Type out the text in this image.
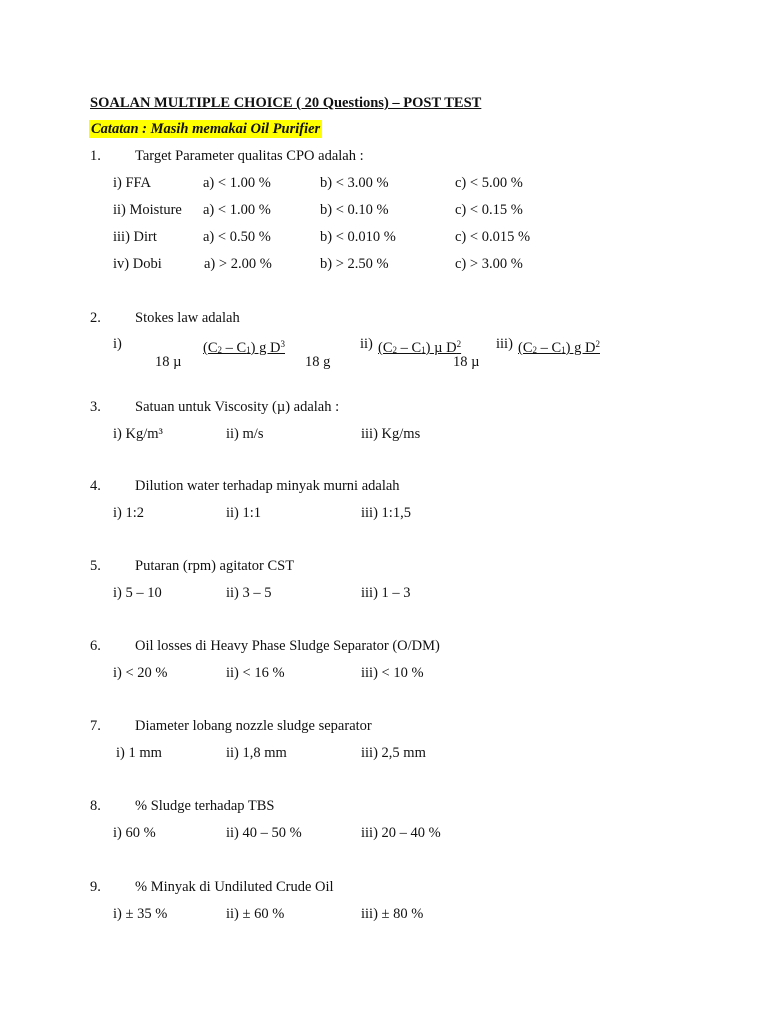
SOALAN MULTIPLE CHOICE ( 20 Questions) – POST TEST
Catatan : Masih memakai Oil Purifier
1. Target Parameter qualitas CPO adalah :
i) FFA	a) < 1.00 %	b) < 3.00 %	c) < 5.00 %
ii) Moisture a) < 1.00 %	b) < 0.10 %	c) < 0.15 %
iii) Dirt	a) < 0.50 %	b) < 0.010 %	c) < 0.015 %
iv) Dobi	a) > 2.00 %	b) > 2.50 %	c) > 3.00 %
2. Stokes law adalah
i)	$(C_2 - C_1)$ g $D^3$	ii) $(C_2 - C_1)$ µ $D^2$	iii) $(C_2 - C_1)$ g $D^2$
18 µ	18 g	18 µ
3. Satuan untuk Viscosity (µ) adalah :
i) Kg/m³	ii) m/s	iii) Kg/ms
4. Dilution water terhadap minyak murni adalah
i) 1:2	ii) 1:1	iii) 1:1,5
5. Putaran (rpm) agitator CST
i) 5 – 10	ii) 3 – 5	iii) 1 – 3
6. Oil losses di Heavy Phase Sludge Separator (O/DM)
i) < 20 %	ii) < 16 %	iii) < 10 %
7. Diameter lobang nozzle sludge separator
i) 1 mm	ii) 1,8 mm	iii) 2,5 mm
8. % Sludge terhadap TBS
i) 60 %	ii) 40 – 50 %	iii) 20 – 40 %
9. % Minyak di Undiluted Crude Oil
i) ± 35 %	ii) ± 60 %	iii) ± 80 %
